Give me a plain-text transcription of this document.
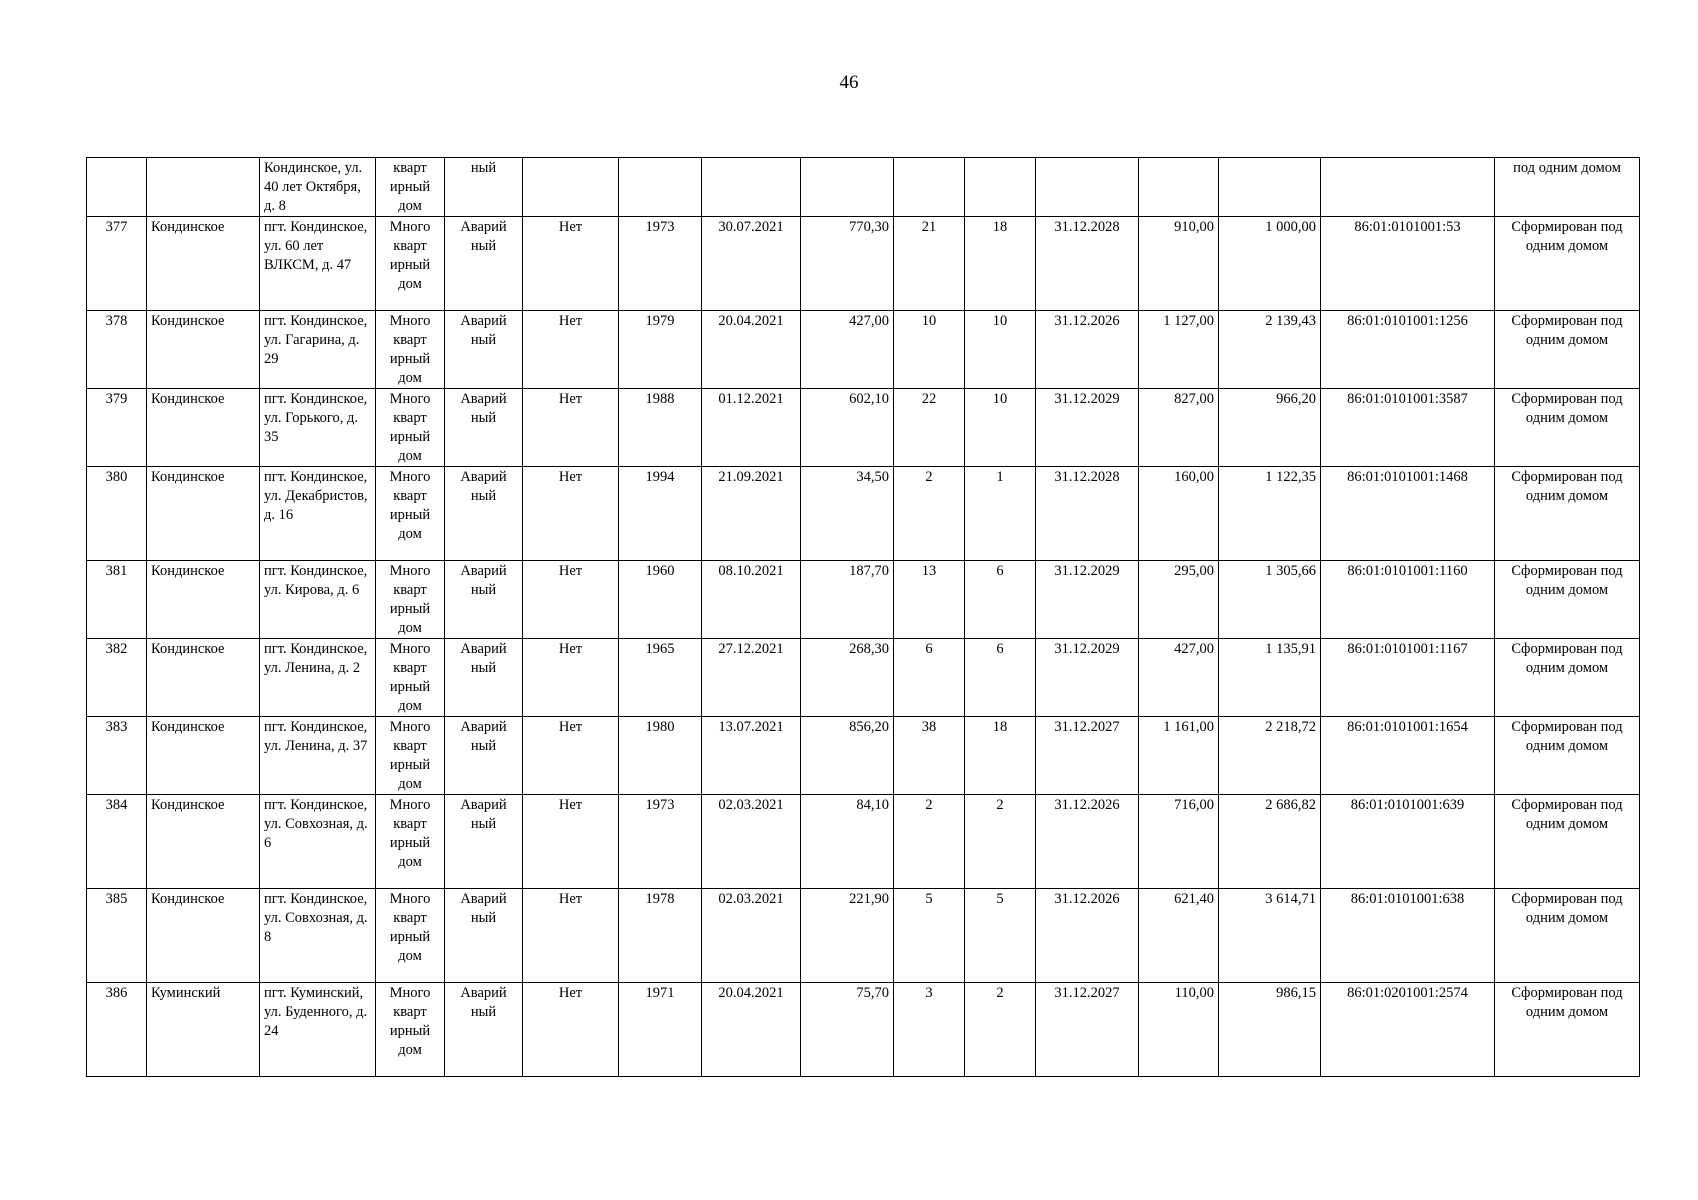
46
		Кондинское, ул. 40 лет Октября, д. 8	кварт ирный дом	ный											под одним домом
377	Кондинское	пгт. Кондинское, ул. 60 лет ВЛКСМ, д. 47	Много кварт ирный дом	Аварий ный	Нет	1973	30.07.2021	770,30	21	18	31.12.2028	910,00	1 000,00	86:01:0101001:53	Сформирован под одним домом
378	Кондинское	пгт. Кондинское, ул. Гагарина, д. 29	Много кварт ирный дом	Аварий ный	Нет	1979	20.04.2021	427,00	10	10	31.12.2026	1 127,00	2 139,43	86:01:0101001:1256	Сформирован под одним домом
379	Кондинское	пгт. Кондинское, ул. Горького, д. 35	Много кварт ирный дом	Аварий ный	Нет	1988	01.12.2021	602,10	22	10	31.12.2029	827,00	966,20	86:01:0101001:3587	Сформирован под одним домом
380	Кондинское	пгт. Кондинское, ул. Декабристов, д. 16	Много кварт ирный дом	Аварий ный	Нет	1994	21.09.2021	34,50	2	1	31.12.2028	160,00	1 122,35	86:01:0101001:1468	Сформирован под одним домом
381	Кондинское	пгт. Кондинское, ул. Кирова, д. 6	Много кварт ирный дом	Аварий ный	Нет	1960	08.10.2021	187,70	13	6	31.12.2029	295,00	1 305,66	86:01:0101001:1160	Сформирован под одним домом
382	Кондинское	пгт. Кондинское, ул. Ленина, д. 2	Много кварт ирный дом	Аварий ный	Нет	1965	27.12.2021	268,30	6	6	31.12.2029	427,00	1 135,91	86:01:0101001:1167	Сформирован под одним домом
383	Кондинское	пгт. Кондинское, ул. Ленина, д. 37	Много кварт ирный дом	Аварий ный	Нет	1980	13.07.2021	856,20	38	18	31.12.2027	1 161,00	2 218,72	86:01:0101001:1654	Сформирован под одним домом
384	Кондинское	пгт. Кондинское, ул. Совхозная, д. 6	Много кварт ирный дом	Аварий ный	Нет	1973	02.03.2021	84,10	2	2	31.12.2026	716,00	2 686,82	86:01:0101001:639	Сформирован под одним домом
385	Кондинское	пгт. Кондинское, ул. Совхозная, д. 8	Много кварт ирный дом	Аварий ный	Нет	1978	02.03.2021	221,90	5	5	31.12.2026	621,40	3 614,71	86:01:0101001:638	Сформирован под одним домом
386	Куминский	пгт. Куминский, ул. Буденного, д. 24	Много кварт ирный дом	Аварий ный	Нет	1971	20.04.2021	75,70	3	2	31.12.2027	110,00	986,15	86:01:0201001:2574	Сформирован под одним домом
